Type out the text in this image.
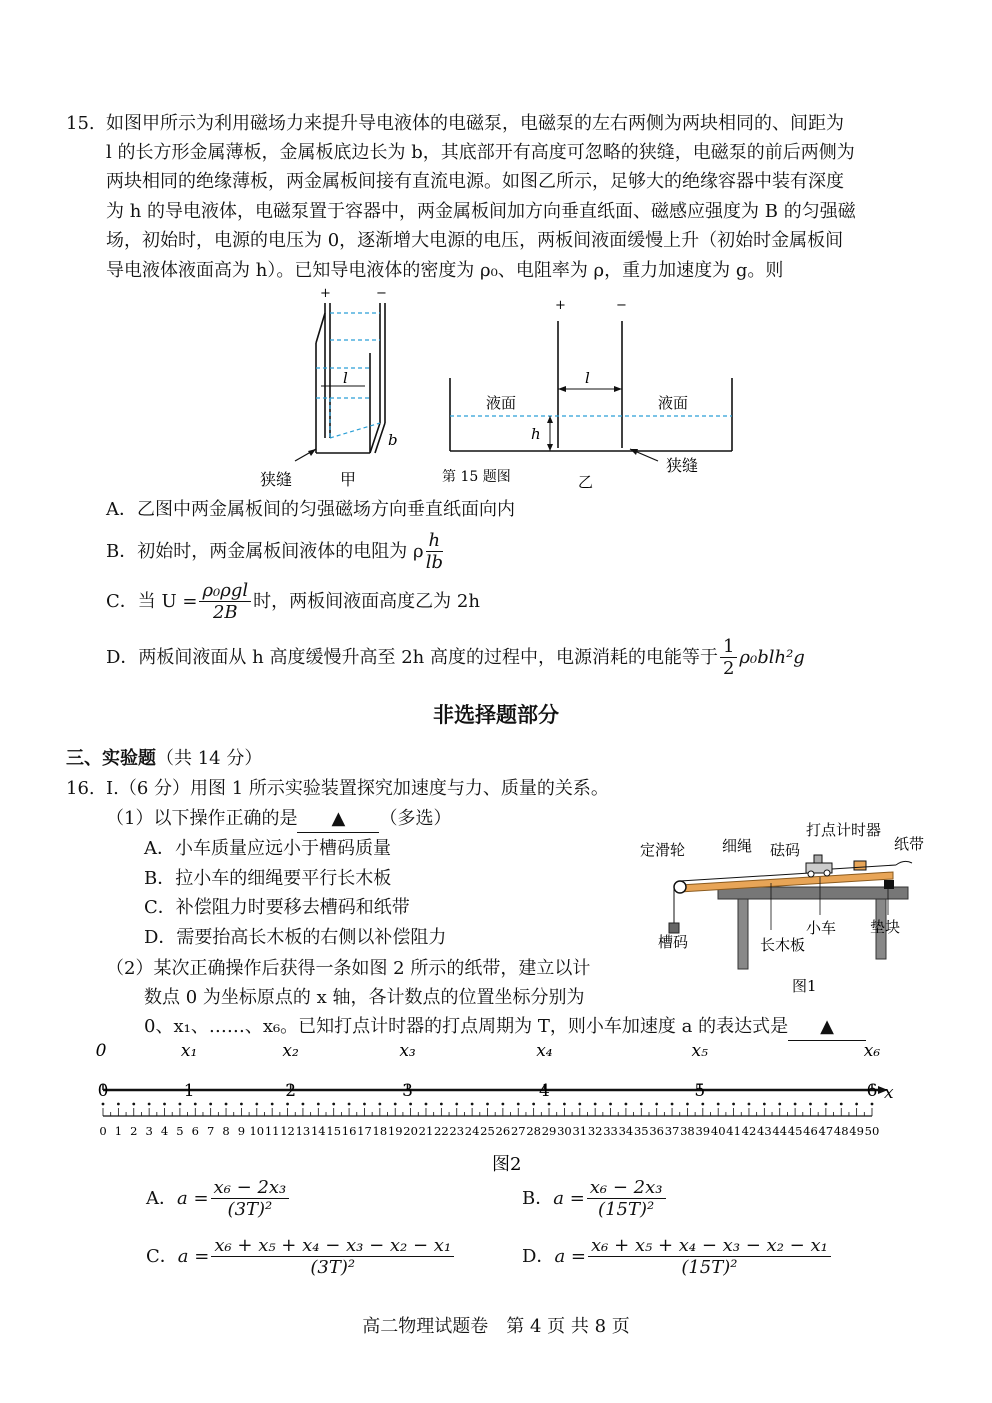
15. 如图甲所示为利用磁场力来提升导电液体的电磁泵，电磁泵的左右两侧为两块相同的、间距为
l 的长方形金属薄板，金属板底边长为 b，其底部开有高度可忽略的狭缝，电磁泵的前后两侧为
两块相同的绝缘薄板，两金属板间接有直流电源。如图乙所示，足够大的绝缘容器中装有深度
为 h 的导电液体，电磁泵置于容器中，两金属板间加方向垂直纸面、磁感应强度为 B 的匀强磁
场，初始时，电源的电压为 0，逐渐增大电源的电压，两板间液面缓慢上升（初始时金属板间
导电液体液面高为 h）。已知导电液体的密度为 ρ₀、电阻率为 ρ，重力加速度为 g。则
l
b
+	−
狭缝	甲
l
h
液面	液面
+	−
狭缝
第 15 题图	乙
A．乙图中两金属板间的匀强磁场方向垂直纸面向内
B．初始时，两金属板间液体的电阻为 ρ $\frac{h}{lb}$
C．当 $U = \frac{\text{ρ₀ρgl}}{2B}$ 时，两板间液面高度乙为 2h
D．两板间液面从 h 高度缓慢升高至 2h 高度的过程中，电源消耗的电能等于 $\frac{1}{2} \rho_0blh^2g$
非选择题部分
三、实验题（共 14 分）
16. I.（6 分）用图 1 所示实验装置探究加速度与力、质量的关系。
（1）以下操作正确的是 ▲ （多选）
A．小车质量应远小于槽码质量
B．拉小车的细绳要平行长木板
C．补偿阻力时要移去槽码和纸带
D．需要抬高长木板的右侧以补偿阻力
定滑轮 细绳 砝码
打点计时器
纸带
槽码	长木板
小车 垫块
图1
（2）某次正确操作后获得一条如图 2 所示的纸带，建立以计
数点 0 为坐标原点的 x 轴，各计数点的位置坐标分别为
0、x₁、……、x₆。已知打点计时器的打点周期为 T，则小车加速度 a 的表达式是 ▲
0 1 2 3 4 5 6 7 8 9 10 11 12 13 14 15 16 17 18 19 20 21 22 23 24 25 26 27 28 29 30 31 32 33 34 35 36 37 38 39 40 41 42 43 44 45 46 47 48 49 50
0
0
x₁
1
x₂
2
x₃
3
x₄
4
x₅
5
x₆
6 x
图2
A．$a = \frac{\text{x₆ − 2x₃}}{\text{(3T)²}}$	B．$a = \frac{\text{x₆ − 2x₃}}{\text{(15T)²}}$
C．$a = \frac{\text{x₆ + x₅ + x₄ − x₃ − x₂ − x₁}}{\text{(3T)²}}$	D．$a = \frac{\text{x₆ + x₅ + x₄ − x₃ − x₂ − x₁}}{\text{(15T)²}}$
高二物理试题卷　第 4 页 共 8 页
